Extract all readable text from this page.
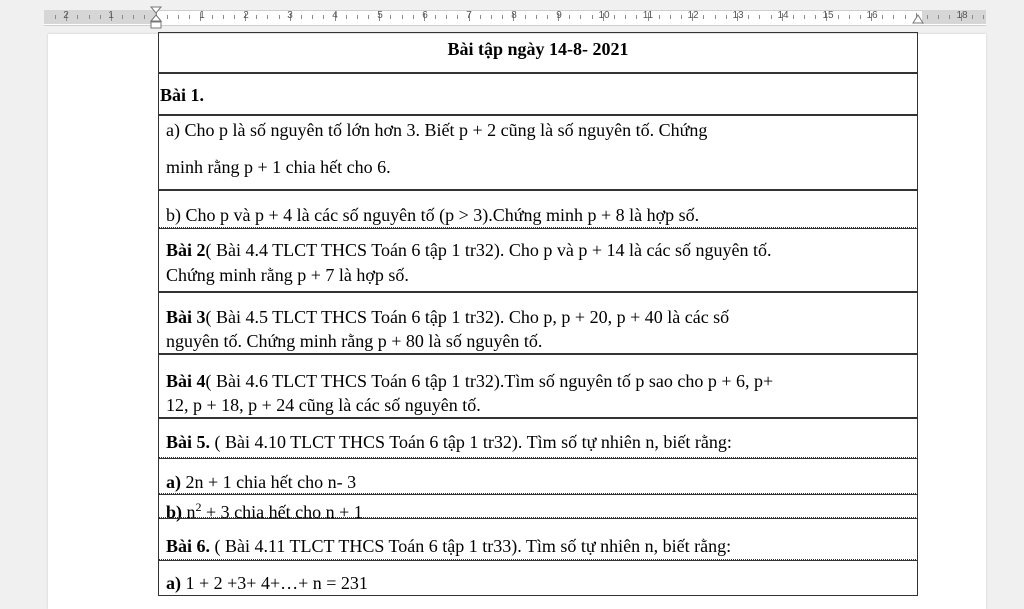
2	1	1	2	3	4	5	6	7	8	9	10	11	12	13	14	15	16	18
Bài tập ngày 14-8- 2021
Bài 1.
a) Cho p là số nguyên tố lớn hơn 3. Biết p + 2 cũng là số nguyên tố. Chứng
minh rằng p + 1 chia hết cho 6.
b) Cho p và p + 4 là các số nguyên tố (p > 3).Chứng minh p + 8 là hợp số.
Bài 2( Bài 4.4 TLCT THCS Toán 6 tập 1 tr32). Cho p và p + 14 là các số nguyên tố.
Chứng minh rằng p + 7 là hợp số.
Bài 3( Bài 4.5 TLCT THCS Toán 6 tập 1 tr32). Cho p, p + 20, p + 40 là các số
nguyên tố. Chứng minh rằng p + 80 là số nguyên tố.
Bài 4( Bài 4.6 TLCT THCS Toán 6 tập 1 tr32).Tìm số nguyên tố p sao cho p + 6, p+
12, p + 18, p + 24 cũng là các số nguyên tố.
Bài 5. ( Bài 4.10 TLCT THCS Toán 6 tập 1 tr32). Tìm số tự nhiên n, biết rằng:
a) 2n + 1 chia hết cho n- 3
b) $n^2 + 3$ chia hết cho n + 1
Bài 6. ( Bài 4.11 TLCT THCS Toán 6 tập 1 tr33). Tìm số tự nhiên n, biết rằng:
a) 1 + 2 +3+ 4+…+ n = 231
